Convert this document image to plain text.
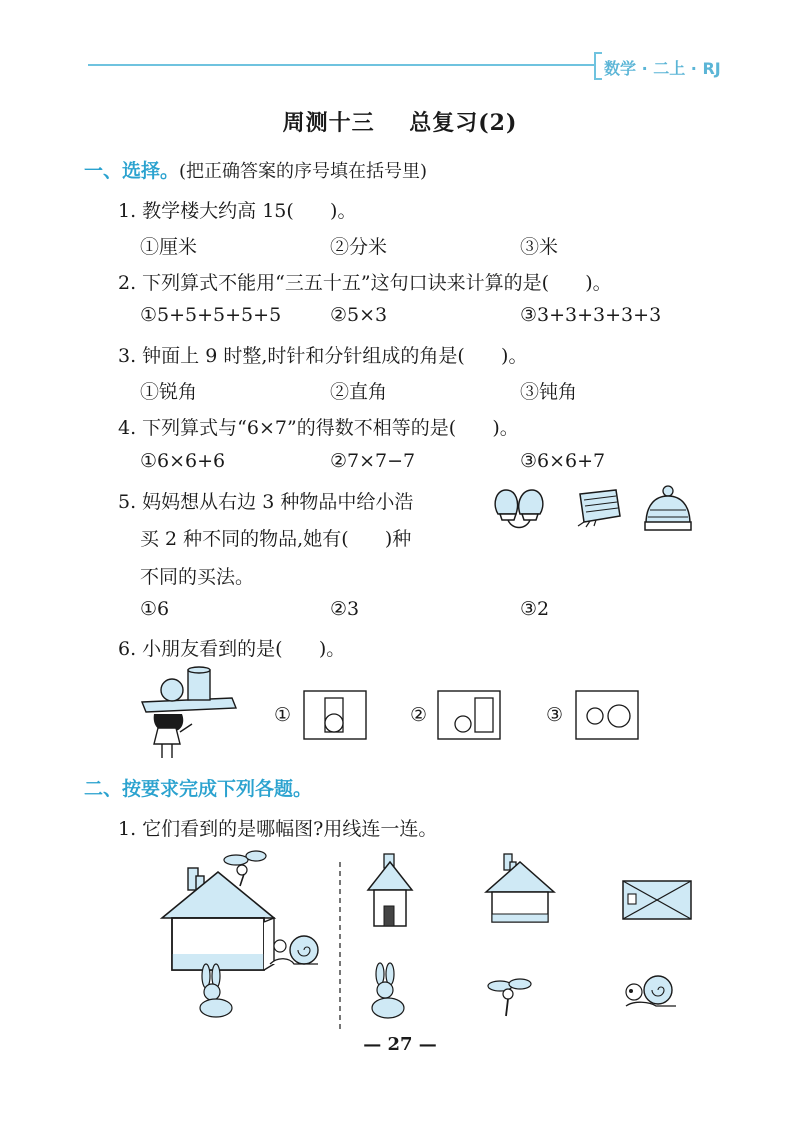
数学 · 二上 · RJ
周测十三    总复习(2)
一、选择。(把正确答案的序号填在括号里)
1. 教学楼大约高 15(      )。
①厘米	②分米	③米
2. 下列算式不能用“三五十五”这句口诀来计算的是(      )。
①5+5+5+5+5	②5×3	③3+3+3+3+3
3. 钟面上 9 时整,时针和分针组成的角是(      )。
①锐角	②直角	③钝角
4. 下列算式与“6×7”的得数不相等的是(      )。
①6×6+6	②7×7−7	③6×6+7
5. 妈妈想从右边 3 种物品中给小浩
买 2 种不同的物品,她有(      )种
不同的买法。
①6	②3	③2
6. 小朋友看到的是(      )。
①	②	③
二、按要求完成下列各题。
1. 它们看到的是哪幅图?用线连一连。
— 27 —
